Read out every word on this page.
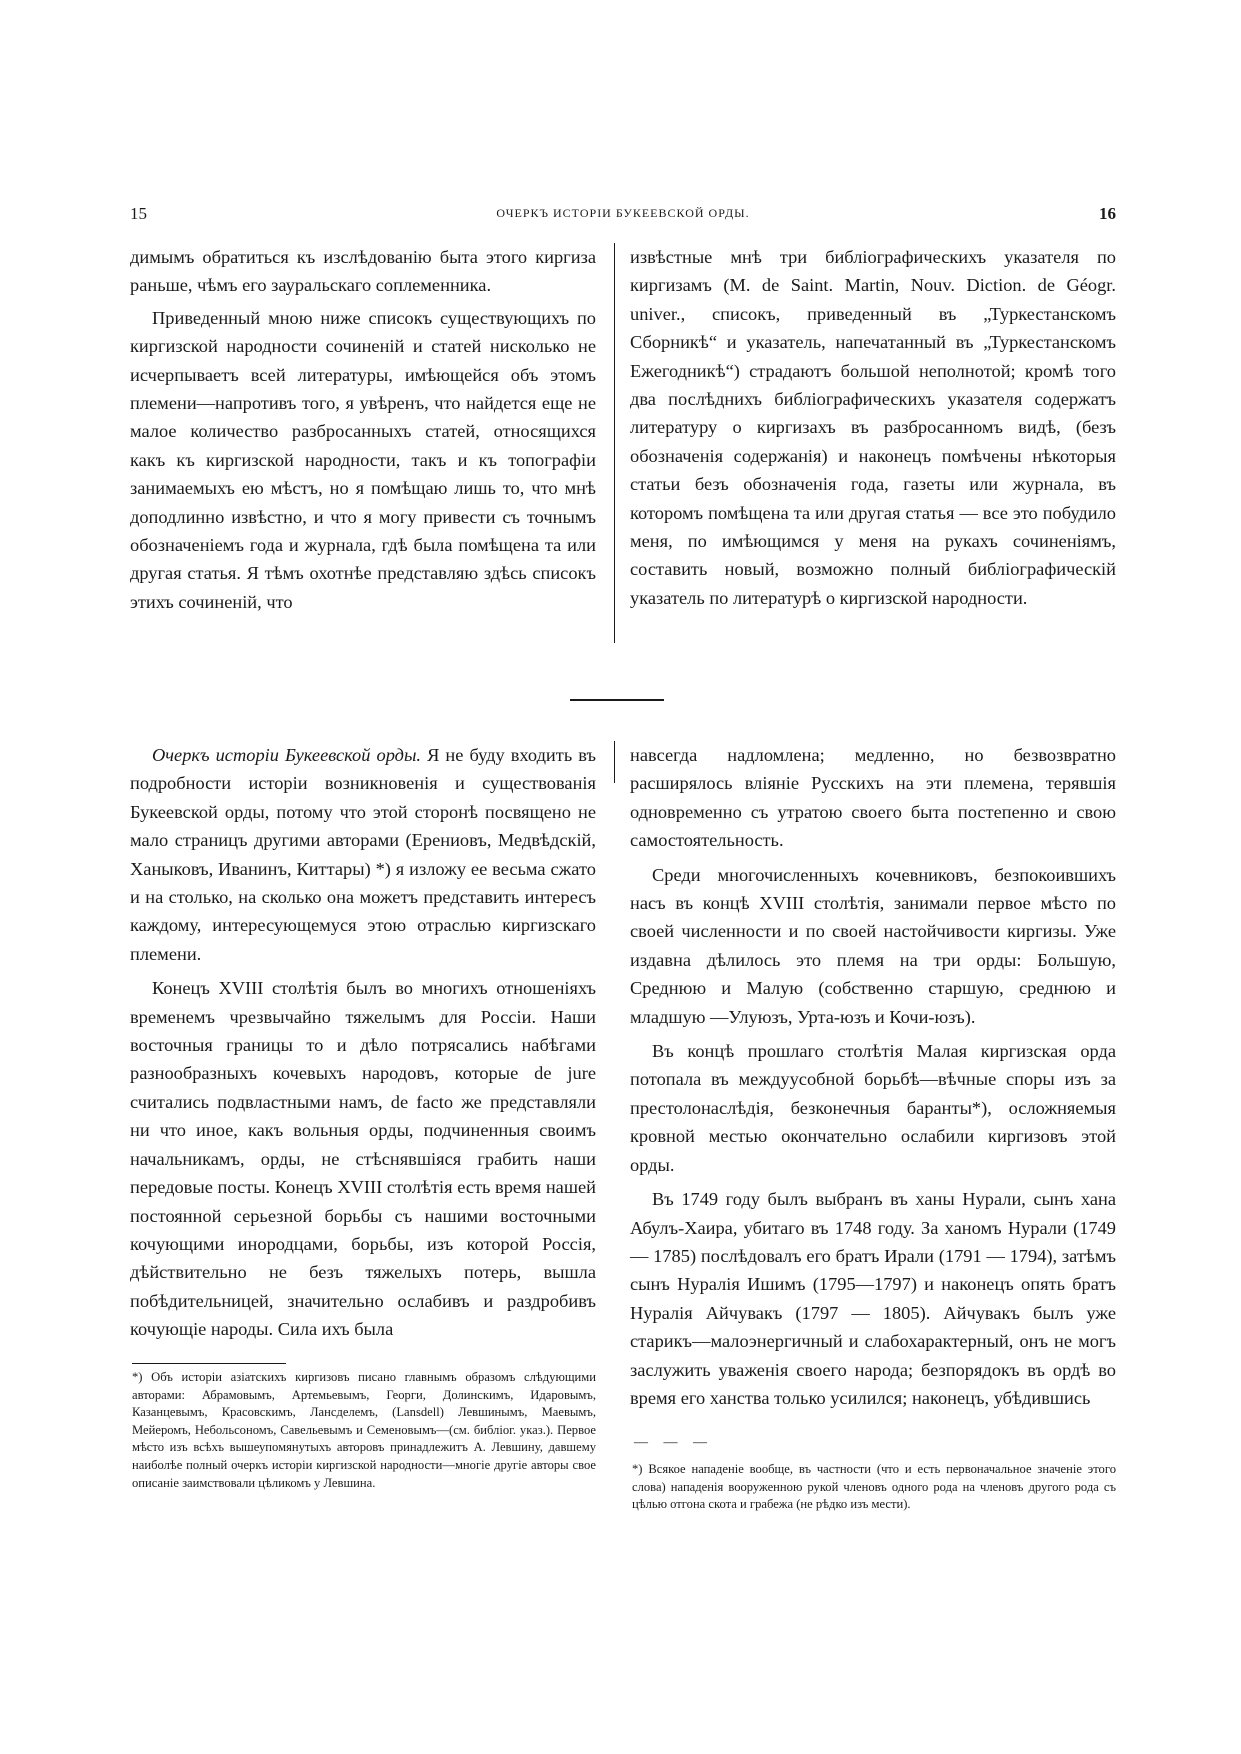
15	ОЧЕРКЪ ИСТОРІИ БУКЕЕВСКОЙ ОРДЫ.	16

димымъ обратиться къ изслѣдованію быта этого киргиза раньше, чѣмъ его зауральскаго соплеменника.

Приведенный мною ниже списокъ существующихъ по киргизской народности сочиненій и статей нисколько не исчерпываетъ всей литературы, имѣющейся объ этомъ племени—напротивъ того, я увѣренъ, что найдется еще не малое количество разбросанныхъ статей, относящихся какъ къ киргизской народности, такъ и къ топографіи занимаемыхъ ею мѣстъ, но я помѣщаю лишь то, что мнѣ доподлинно извѣстно, и что я могу привести съ точнымъ обозначеніемъ года и журнала, гдѣ была помѣщена та или другая статья. Я тѣмъ охотнѣе представляю здѣсь списокъ этихъ сочиненій, что

извѣстные мнѣ три библіографическихъ указателя по киргизамъ (M. de Saint. Martin, Nouv. Diction. de Géogr. univer., списокъ, приведенный въ „Туркестанскомъ Сборникѣ“ и указатель, напечатанный въ „Туркестанскомъ Ежегодникѣ“) страдаютъ большой неполнотой; кромѣ того два послѣднихъ библіографическихъ указателя содержатъ литературу о киргизахъ въ разбросанномъ видѣ, (безъ обозначенія содержанія) и наконецъ помѣчены нѣкоторыя статьи безъ обозначенія года, газеты или журнала, въ которомъ помѣщена та или другая статья — все это побудило меня, по имѣющимся у меня на рукахъ сочиненіямъ, составить новый, возможно полный библіографическій указатель по литературѣ о киргизской народности.

Очеркъ исторіи Букеевской орды. Я не буду входить въ подробности исторіи возникновенія и существованія Букеевской орды, потому что этой сторонѣ посвящено не мало страницъ другими авторами (Ерениовъ, Медвѣдскій, Ханыковъ, Иванинъ, Киттары) *) я изложу ее весьма сжато и на столько, на сколько она можетъ представить интересъ каждому, интересующемуся этою отраслью киргизскаго племени.

Конецъ XVIII столѣтія былъ во многихъ отношеніяхъ временемъ чрезвычайно тяжелымъ для Россіи. Наши восточныя границы то и дѣло потрясались набѣгами разнообразныхъ кочевыхъ народовъ, которые de jure считались подвластными намъ, de facto же представляли ни что иное, какъ вольныя орды, подчиненныя своимъ начальникамъ, орды, не стѣснявшіяся грабить наши передовые посты. Конецъ XVIII столѣтія есть время нашей постоянной серьезной борьбы съ нашими восточными кочующими инородцами, борьбы, изъ которой Россія, дѣйствительно не безъ тяжелыхъ потерь, вышла побѣдительницей, значительно ослабивъ и раздробивъ кочующіе народы. Сила ихъ была

*) Объ исторіи азіатскихъ киргизовъ писано главнымъ образомъ слѣдующими авторами: Абрамовымъ, Артемьевымъ, Георги, Долинскимъ, Идаровымъ, Казанцевымъ, Красовскимъ, Лансделемъ, (Lansdell) Левшинымъ, Маевымъ, Мейеромъ, Небольсономъ, Савельевымъ и Семеновымъ—(см. библіог. указ.). Первое мѣсто изъ всѣхъ вышеупомянутыхъ авторовъ принадлежитъ А. Левшину, давшему наиболѣе полный очеркъ исторіи киргизской народности—многіе другіе авторы свое описаніе заимствовали цѣликомъ у Левшина.

навсегда надломлена; медленно, но безвозвратно расширялось вліяніе Русскихъ на эти племена, терявшія одновременно съ утратою своего быта постепенно и свою самостоятельность.

Среди многочисленныхъ кочевниковъ, безпокоившихъ насъ въ концѣ XVIII столѣтія, занимали первое мѣсто по своей численности и по своей настойчивости киргизы. Уже издавна дѣлилось это племя на три орды: Большую, Среднюю и Малую (собственно старшую, среднюю и младшую —Улуюзъ, Урта-юзъ и Кочи-юзъ).

Въ концѣ прошлаго столѣтія Малая киргизская орда потопала въ междуусобной борьбѣ—вѣчные споры изъ за престолонаслѣдія, безконечныя баранты*), осложняемыя кровной местью окончательно ослабили киргизовъ этой орды.

Въ 1749 году былъ выбранъ въ ханы Нурали, сынъ хана Абулъ-Хаира, убитаго въ 1748 году. За ханомъ Нурали (1749 — 1785) послѣдовалъ его братъ Ирали (1791 — 1794), затѣмъ сынъ Нуралія Ишимъ (1795—1797) и наконецъ опять братъ Нуралія Айчувакъ (1797 — 1805). Айчувакъ былъ уже старикъ—малоэнергичный и слабохарактерный, онъ не могъ заслужить уваженія своего народа; безпорядокъ въ ордѣ во время его ханства только усилился; наконецъ, убѣдившись

— — —

*) Всякое нападеніе вообще, въ частности (что и есть первоначальное значеніе этого слова) нападенія вооруженною рукой членовъ одного рода на членовъ другого рода съ цѣлью отгона скота и грабежа (не рѣдко изъ мести).
